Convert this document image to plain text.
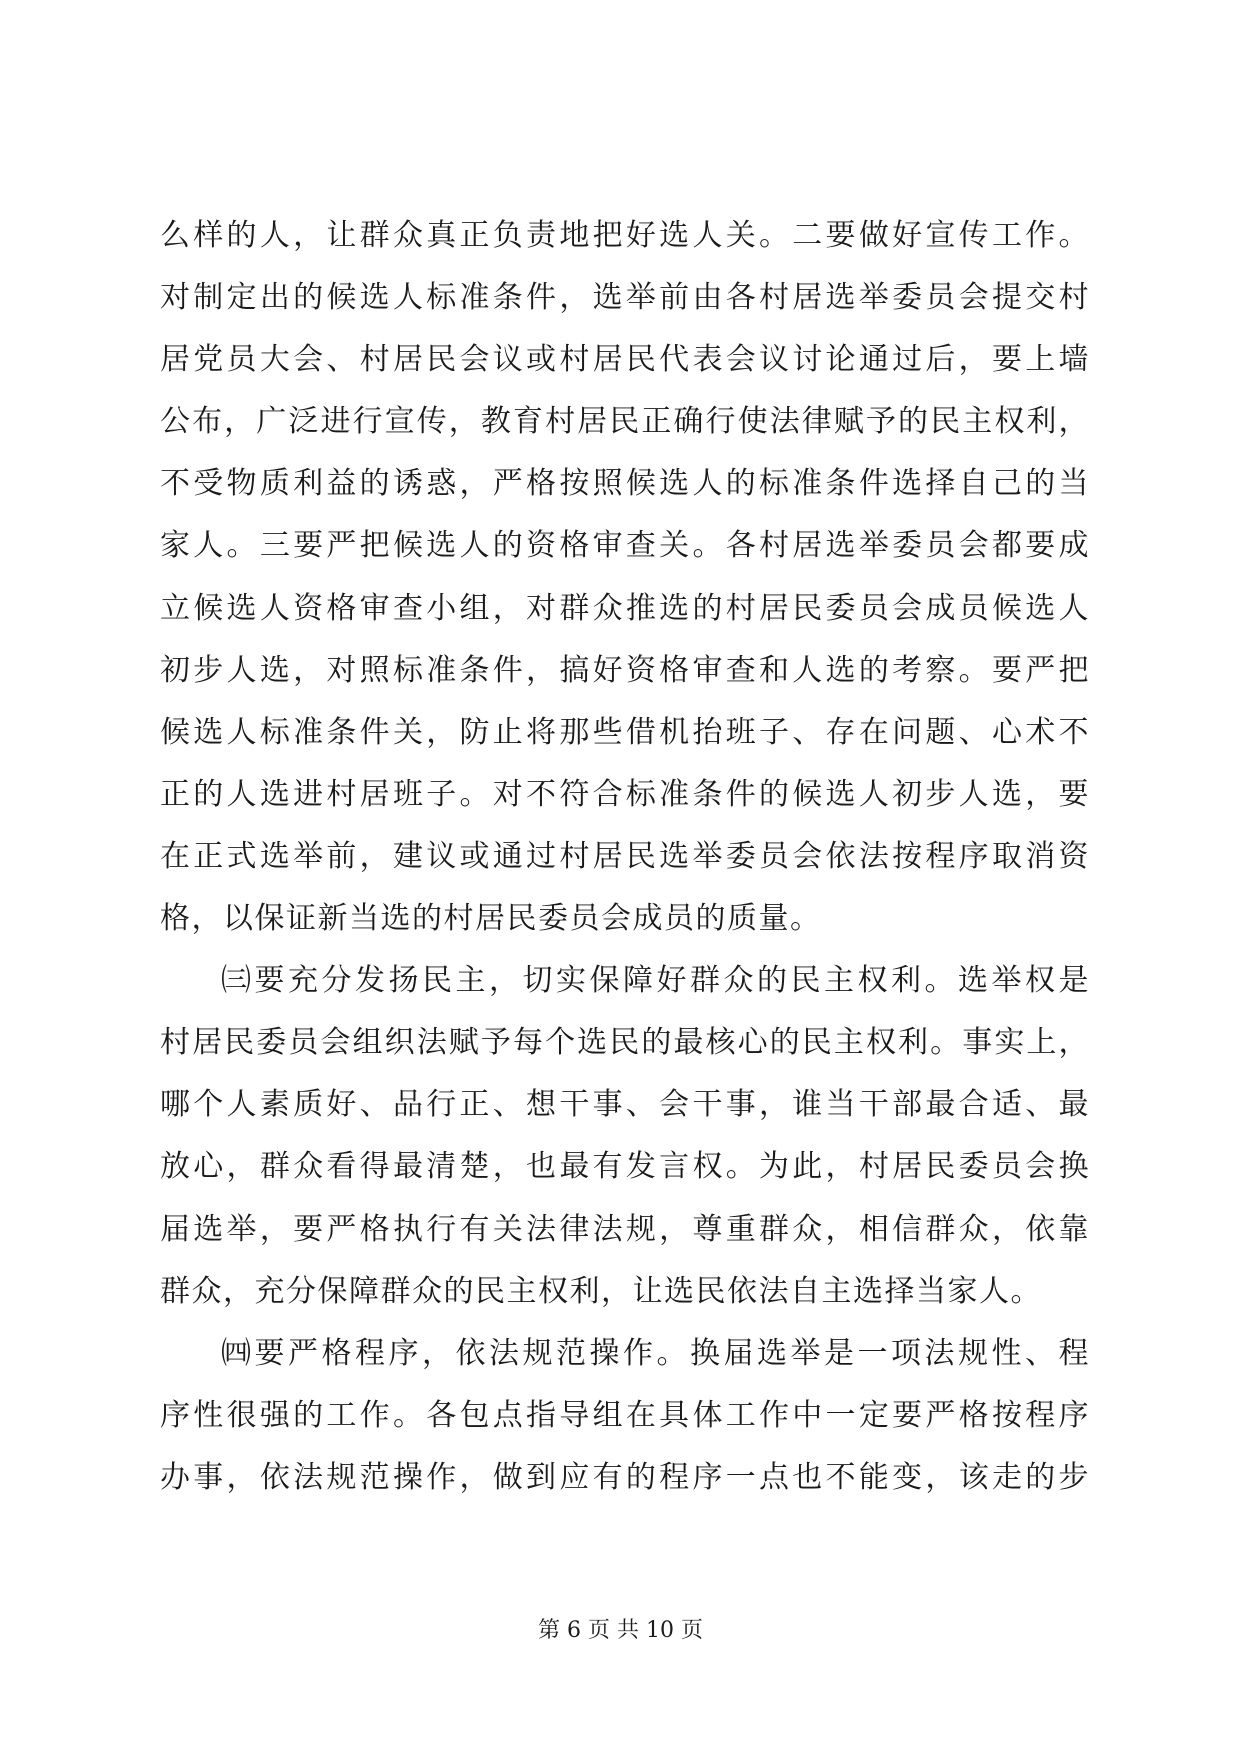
么样的人，让群众真正负责地把好选人关。二要做好宣传工作。
对制定出的候选人标准条件，选举前由各村居选举委员会提交村
居党员大会、村居民会议或村居民代表会议讨论通过后，要上墙
公布，广泛进行宣传，教育村居民正确行使法律赋予的民主权利，
不受物质利益的诱惑，严格按照候选人的标准条件选择自己的当
家人。三要严把候选人的资格审查关。各村居选举委员会都要成
立候选人资格审查小组，对群众推选的村居民委员会成员候选人
初步人选，对照标准条件，搞好资格审查和人选的考察。要严把
候选人标准条件关，防止将那些借机抬班子、存在问题、心术不
正的人选进村居班子。对不符合标准条件的候选人初步人选，要
在正式选举前，建议或通过村居民选举委员会依法按程序取消资
格，以保证新当选的村居民委员会成员的质量。
㈢要充分发扬民主，切实保障好群众的民主权利。选举权是
村居民委员会组织法赋予每个选民的最核心的民主权利。事实上，
哪个人素质好、品行正、想干事、会干事，谁当干部最合适、最
放心，群众看得最清楚，也最有发言权。为此，村居民委员会换
届选举，要严格执行有关法律法规，尊重群众，相信群众，依靠
群众，充分保障群众的民主权利，让选民依法自主选择当家人。
㈣要严格程序，依法规范操作。换届选举是一项法规性、程
序性很强的工作。各包点指导组在具体工作中一定要严格按程序
办事，依法规范操作，做到应有的程序一点也不能变，该走的步
第 6 页 共 10 页
